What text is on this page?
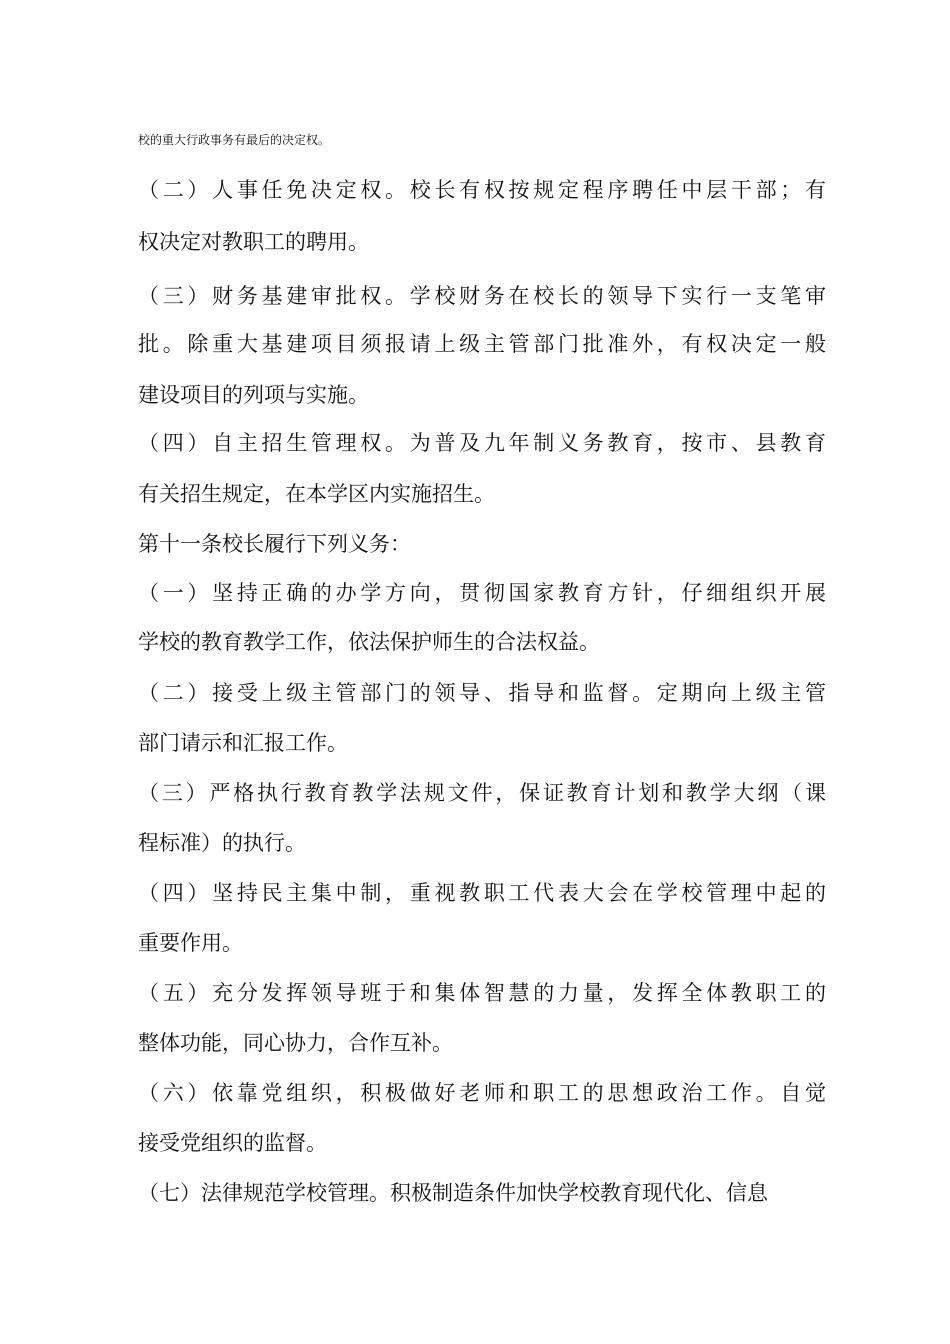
校的重大行政事务有最后的决定权。
（二）人事任免决定权。校长有权按规定程序聘任中层干部；有
权决定对教职工的聘用。
（三）财务基建审批权。学校财务在校长的领导下实行一支笔审
批。除重大基建项目须报请上级主管部门批准外，有权决定一般
建设项目的列项与实施。
（四）自主招生管理权。为普及九年制义务教育，按市、县教育
有关招生规定，在本学区内实施招生。
第十一条校长履行下列义务：
（一）坚持正确的办学方向，贯彻国家教育方针，仔细组织开展
学校的教育教学工作，依法保护师生的合法权益。
（二）接受上级主管部门的领导、指导和监督。定期向上级主管
部门请示和汇报工作。
（三）严格执行教育教学法规文件，保证教育计划和教学大纲（课
程标准）的执行。
（四）坚持民主集中制，重视教职工代表大会在学校管理中起的
重要作用。
（五）充分发挥领导班于和集体智慧的力量，发挥全体教职工的
整体功能，同心协力，合作互补。
（六）依靠党组织，积极做好老师和职工的思想政治工作。自觉
接受党组织的监督。
（七）法律规范学校管理。积极制造条件加快学校教育现代化、信息
